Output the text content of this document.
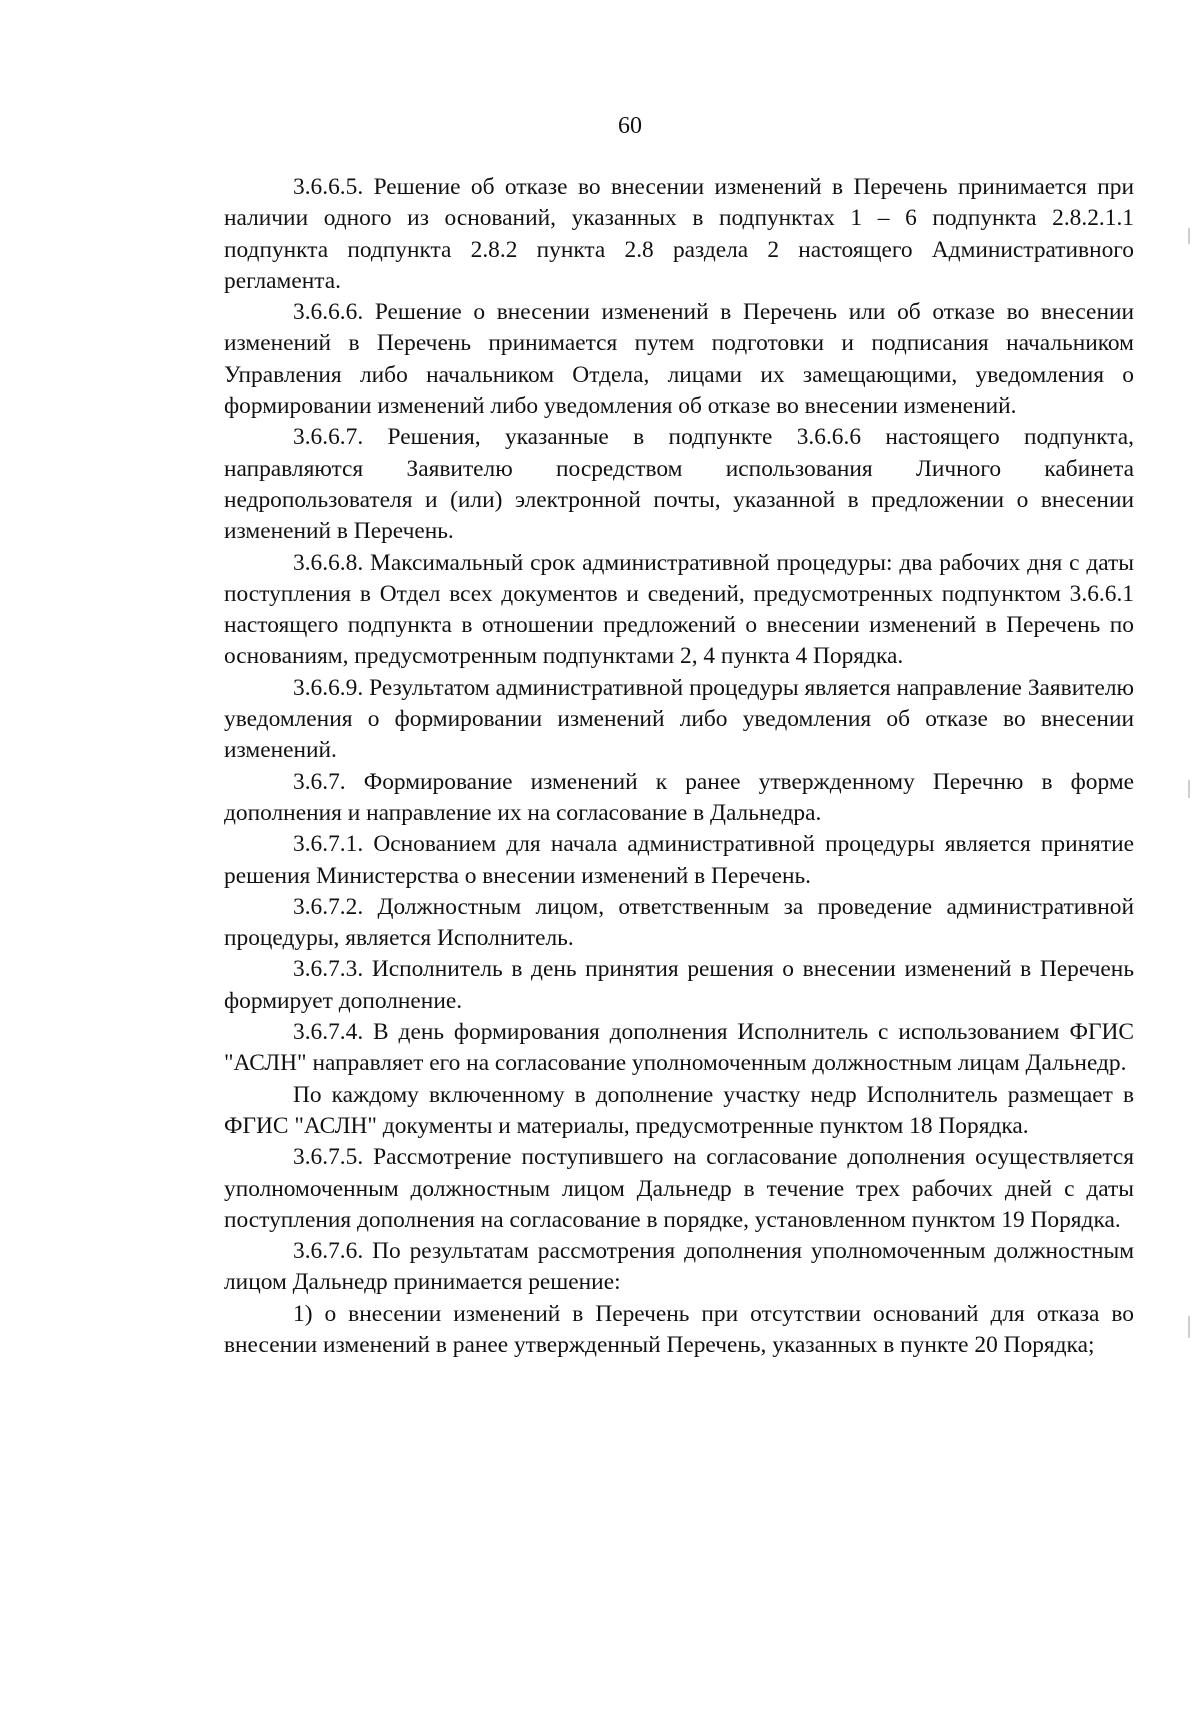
60

3.6.6.5. Решение об отказе во внесении изменений в Перечень принимается при наличии одного из оснований, указанных в подпунктах 1 – 6 подпункта 2.8.2.1.1 подпункта подпункта 2.8.2 пункта 2.8 раздела 2 настоящего Административного регламента.

3.6.6.6. Решение о внесении изменений в Перечень или об отказе во внесении изменений в Перечень принимается путем подготовки и подписания начальником Управления либо начальником Отдела, лицами их замещающими, уведомления о формировании изменений либо уведомления об отказе во внесении изменений.

3.6.6.7. Решения, указанные в подпункте 3.6.6.6 настоящего подпункта, направляются Заявителю посредством использования Личного кабинета недропользователя и (или) электронной почты, указанной в предложении о внесении изменений в Перечень.

3.6.6.8. Максимальный срок административной процедуры: два рабочих дня с даты поступления в Отдел всех документов и сведений, предусмотренных подпунктом 3.6.6.1 настоящего подпункта в отношении предложений о внесении изменений в Перечень по основаниям, предусмотренным подпунктами 2, 4 пункта 4 Порядка.

3.6.6.9. Результатом административной процедуры является направление Заявителю уведомления о формировании изменений либо уведомления об отказе во внесении изменений.

3.6.7. Формирование изменений к ранее утвержденному Перечню в форме дополнения и направление их на согласование в Дальнедра.

3.6.7.1. Основанием для начала административной процедуры является принятие решения Министерства о внесении изменений в Перечень.

3.6.7.2. Должностным лицом, ответственным за проведение административной процедуры, является Исполнитель.

3.6.7.3. Исполнитель в день принятия решения о внесении изменений в Перечень формирует дополнение.

3.6.7.4. В день формирования дополнения Исполнитель с использованием ФГИС "АСЛН" направляет его на согласование уполномоченным должностным лицам Дальнедр.

По каждому включенному в дополнение участку недр Исполнитель размещает в ФГИС "АСЛН" документы и материалы, предусмотренные пунктом 18 Порядка.

3.6.7.5. Рассмотрение поступившего на согласование дополнения осуществляется уполномоченным должностным лицом Дальнедр в течение трех рабочих дней с даты поступления дополнения на согласование в порядке, установленном пунктом 19 Порядка.

3.6.7.6. По результатам рассмотрения дополнения уполномоченным должностным лицом Дальнедр принимается решение:

1) о внесении изменений в Перечень при отсутствии оснований для отказа во внесении изменений в ранее утвержденный Перечень, указанных в пункте 20 Порядка;
